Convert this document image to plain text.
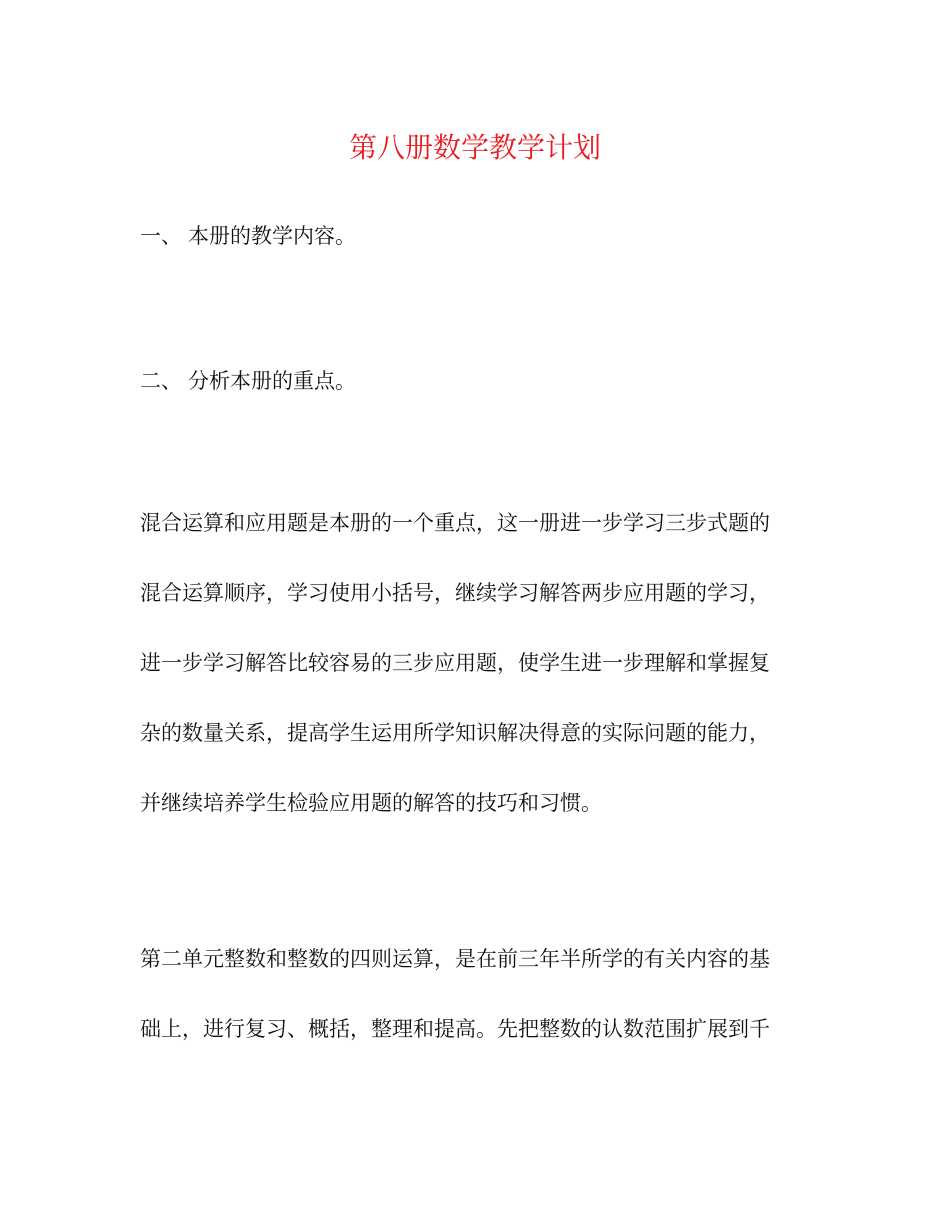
第八册数学教学计划
一、 本册的教学内容。
二、 分析本册的重点。
混合运算和应用题是本册的一个重点，这一册进一步学习三步式题的
混合运算顺序，学习使用小括号，继续学习解答两步应用题的学习，
进一步学习解答比较容易的三步应用题，使学生进一步理解和掌握复
杂的数量关系，提高学生运用所学知识解决得意的实际问题的能力，
并继续培养学生检验应用题的解答的技巧和习惯。
第二单元整数和整数的四则运算，是在前三年半所学的有关内容的基
础上，进行复习、概括，整理和提高。先把整数的认数范围扩展到千
